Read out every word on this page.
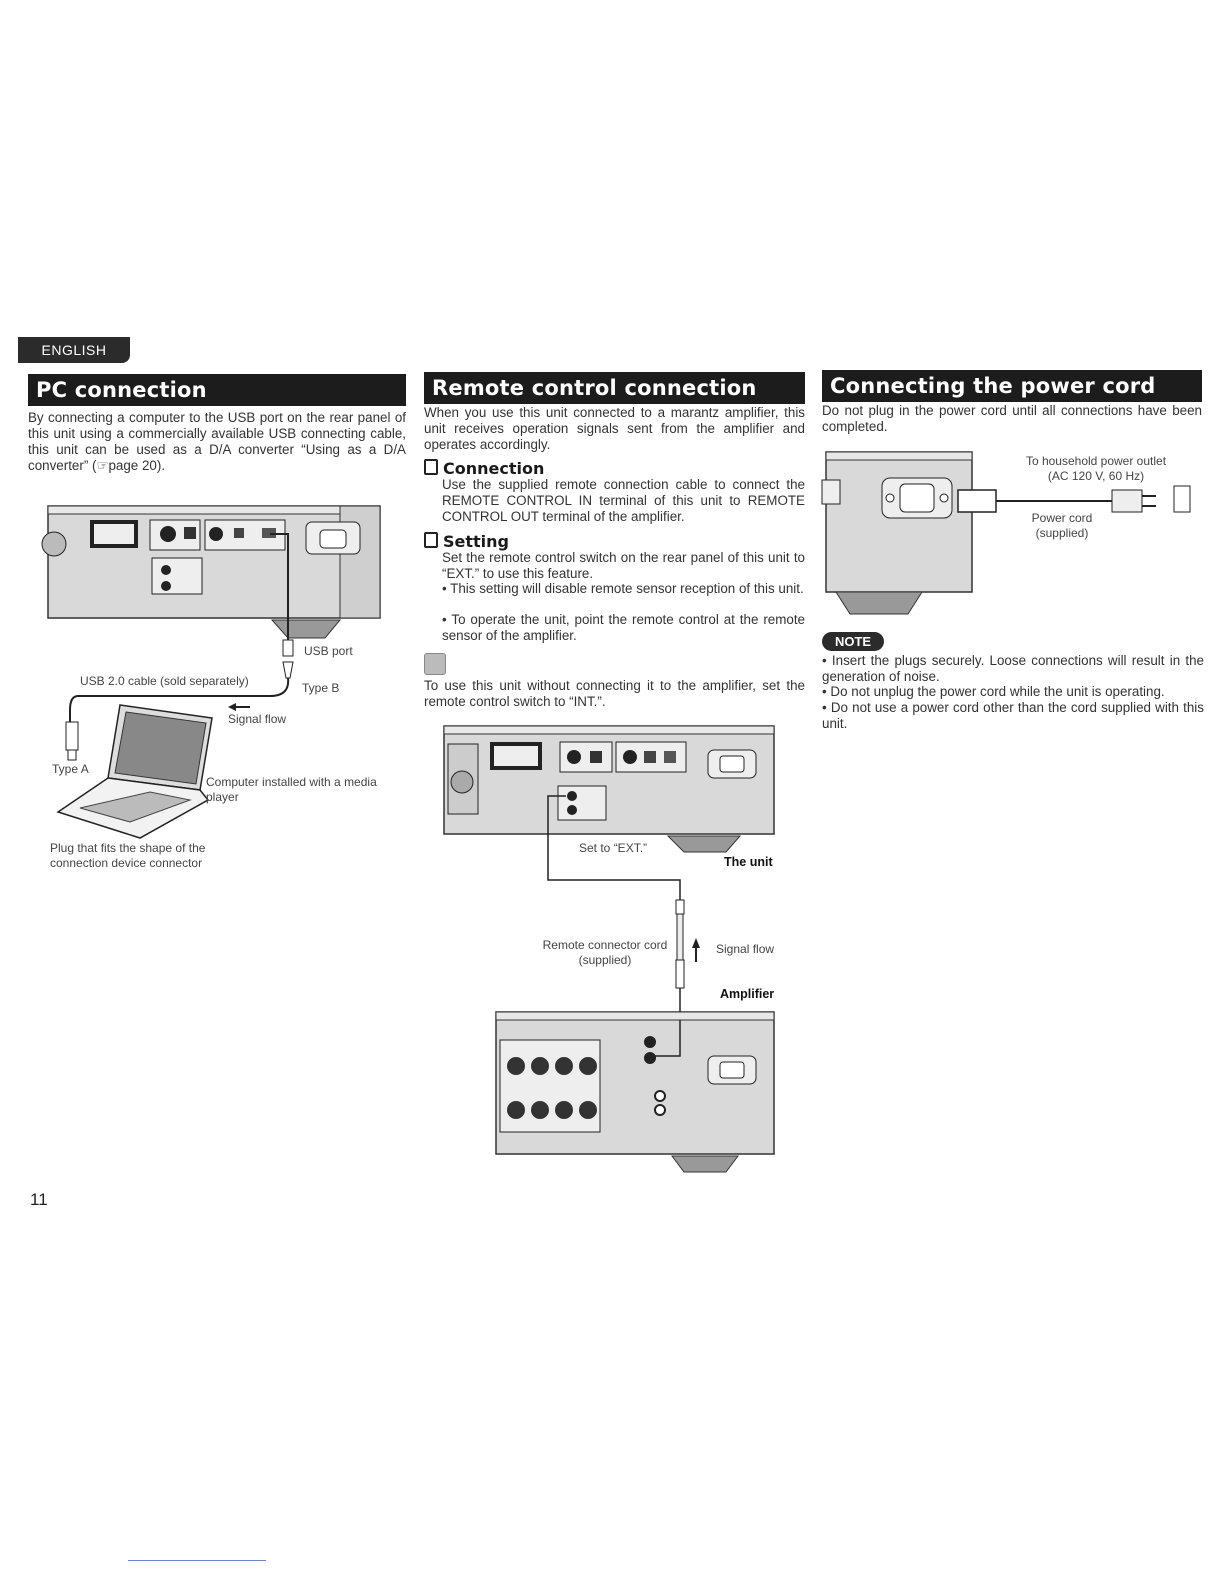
ENGLISH
PC connection
By connecting a computer to the USB port on the rear panel of this unit using a commercially available USB connecting cable, this unit can be used as a D/A converter “Using as a D/A converter” (☞page 20).
USB port
USB 2.0 cable (sold separately)	Type B
Signal flow
Type A
Computer installed with a media player
Plug that fits the shape of the connection device connector
Remote control connection
When you use this unit connected to a marantz amplifier, this unit receives operation signals sent from the amplifier and operates accordingly.
Connection
Use the supplied remote connection cable to connect the REMOTE CONTROL IN terminal of this unit to REMOTE CONTROL OUT terminal of the amplifier.
Setting
Set the remote control switch on the rear panel of this unit to “EXT.” to use this feature.
• This setting will disable remote sensor reception of this unit.
• To operate the unit, point the remote control at the remote sensor of the amplifier.
To use this unit without connecting it to the amplifier, set the remote control switch to “INT.”.
Set to “EXT.”
The unit
Remote connector cord (supplied)
Signal flow
Amplifier
Connecting the power cord
Do not plug in the power cord until all connections have been completed.
To household power outlet (AC 120 V, 60 Hz)
Power cord (supplied)
NOTE
• Insert the plugs securely. Loose connections will result in the generation of noise.
• Do not unplug the power cord while the unit is operating.
• Do not use a power cord other than the cord supplied with this unit.
11
